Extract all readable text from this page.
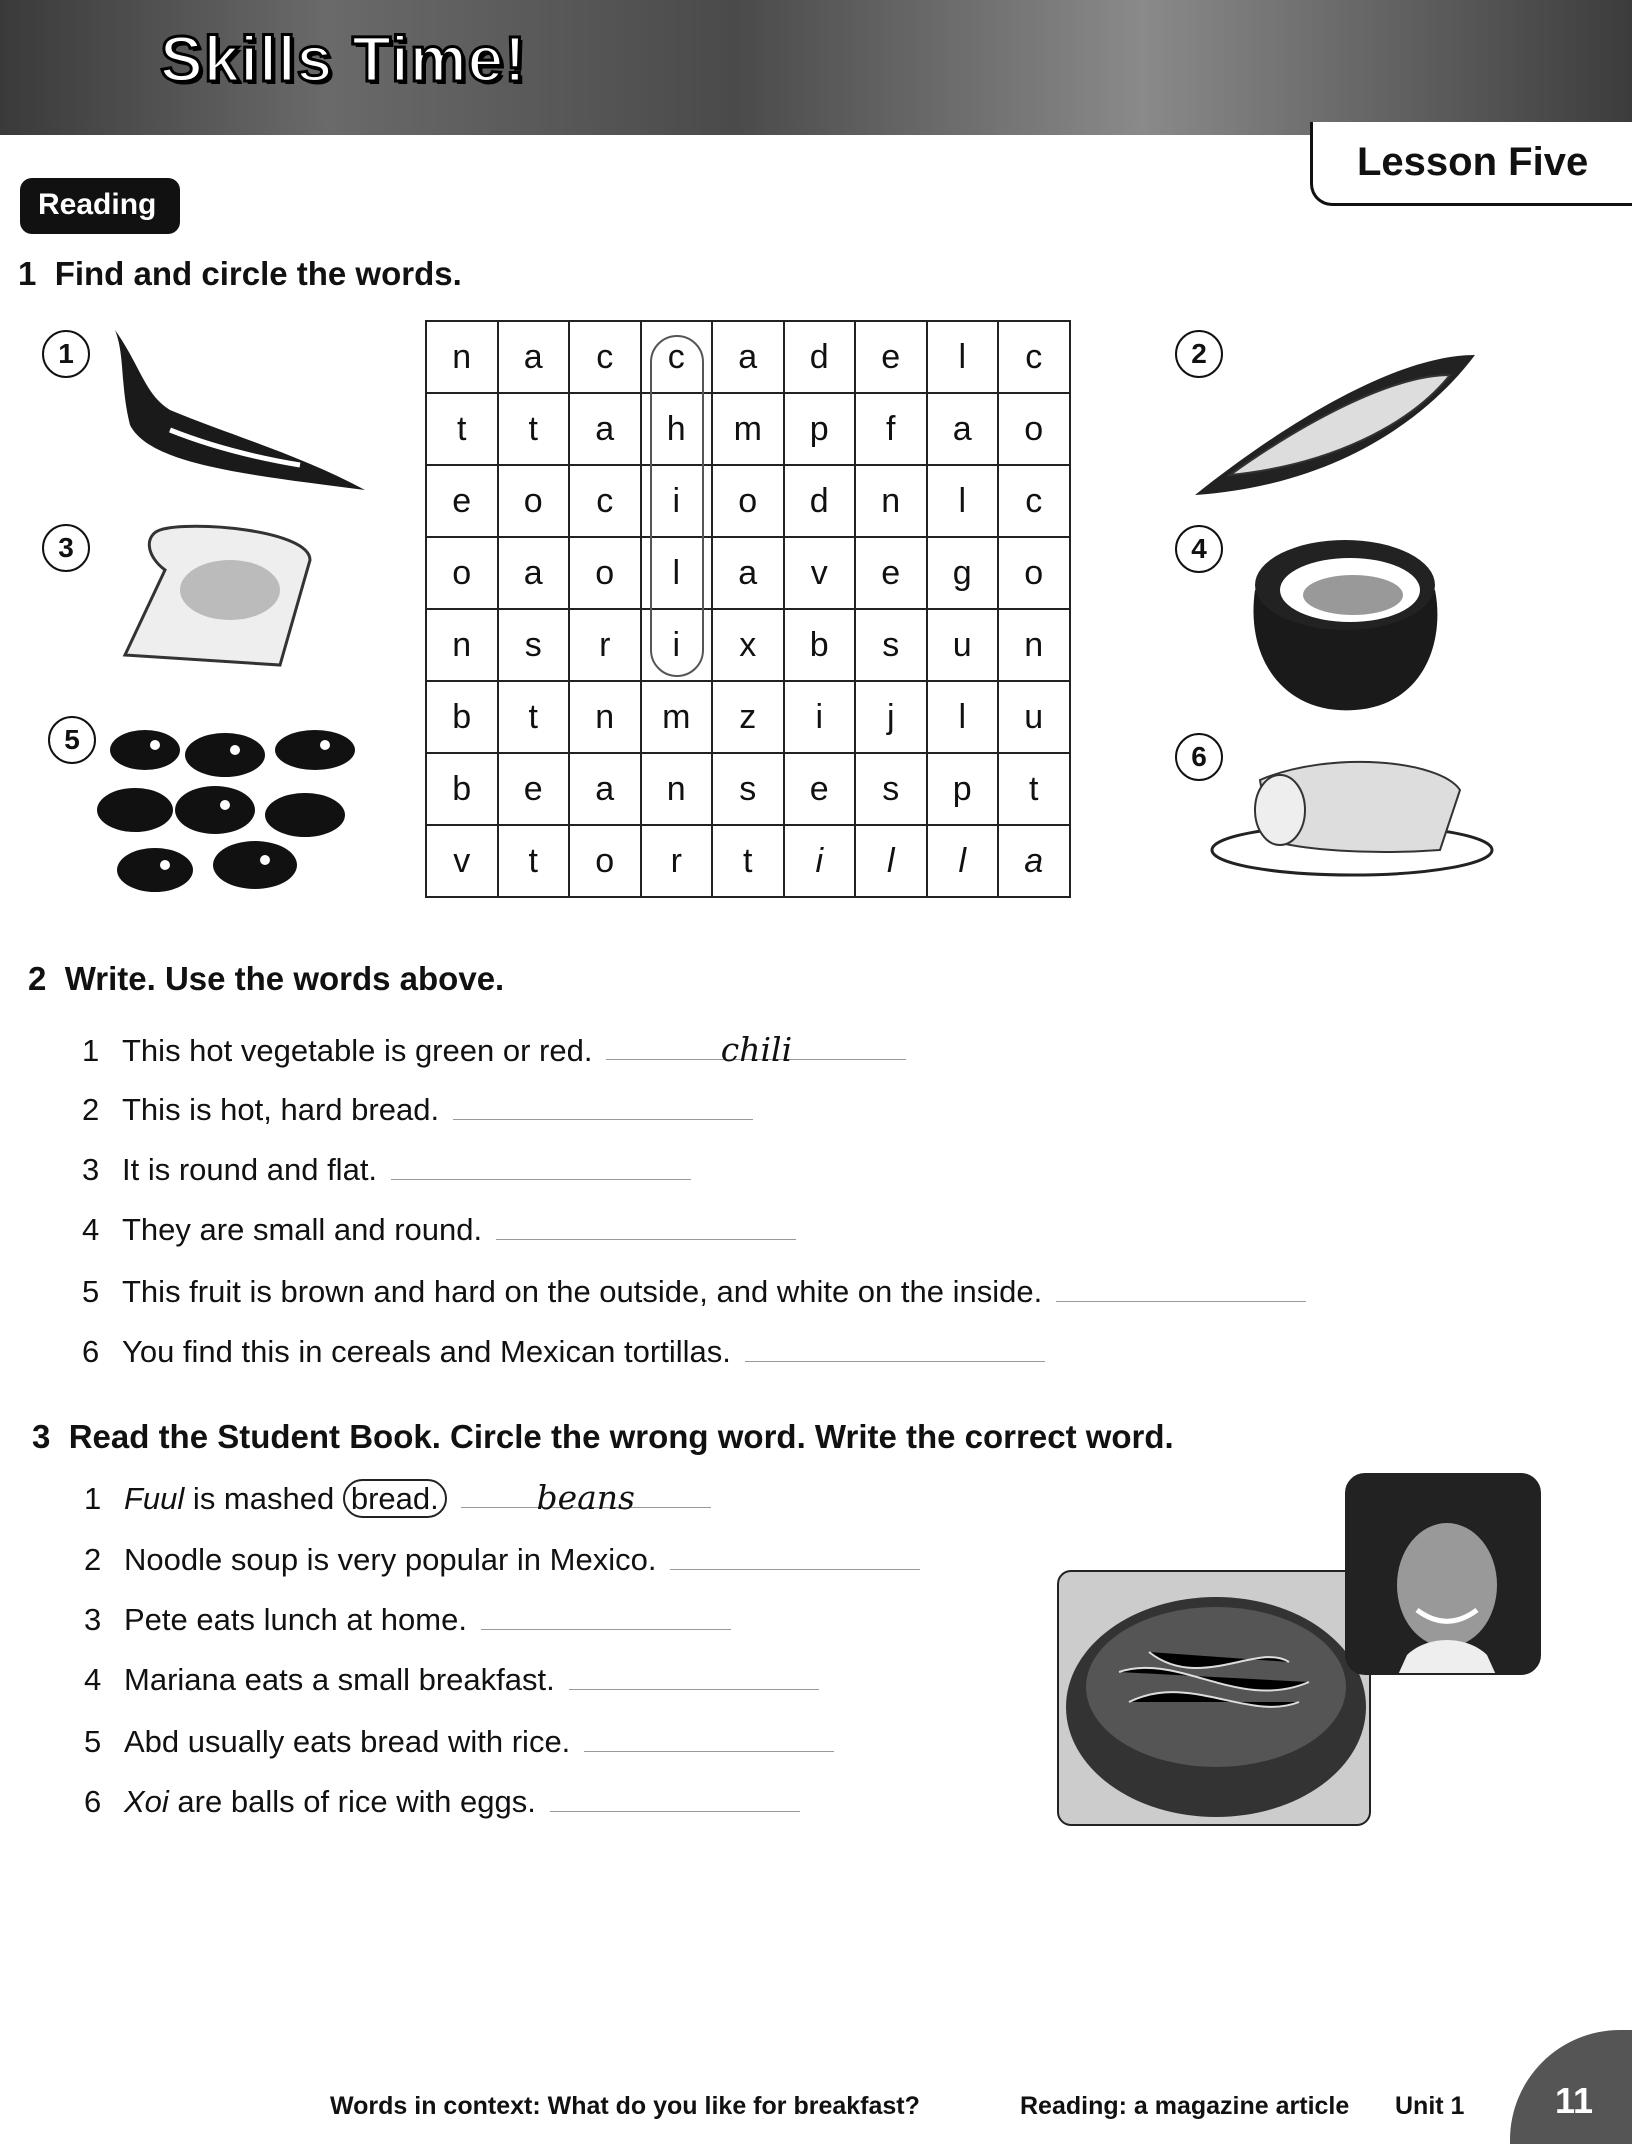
Skills Time!
Lesson Five
Reading
1 Find and circle the words.
n	a	c	c	a	d	e	l	c
t	t	a	h	m	p	f	a	o
e	o	c	i	o	d	n	l	c
o	a	o	l	a	v	e	g	o
n	s	r	i	x	b	s	u	n
b	t	n	m	z	i	j	l	u
b	e	a	n	s	e	s	p	t
v	t	o	r	t	i	l	l	a
1
3
5
2
4
6
2 Write. Use the words above.
1 This hot vegetable is green or red.	chili
2 This is hot, hard bread.
3 It is round and flat.
4 They are small and round.
5 This fruit is brown and hard on the outside, and white on the inside.
6 You find this in cereals and Mexican tortillas.
3 Read the Student Book. Circle the wrong word. Write the correct word.
1 Fuul is mashed bread.	beans
2 Noodle soup is very popular in Mexico.
3 Pete eats lunch at home.
4 Mariana eats a small breakfast.
5 Abd usually eats bread with rice.
6 Xoi are balls of rice with eggs.
Words in context: What do you like for breakfast?	Reading: a magazine article Unit 1	11
